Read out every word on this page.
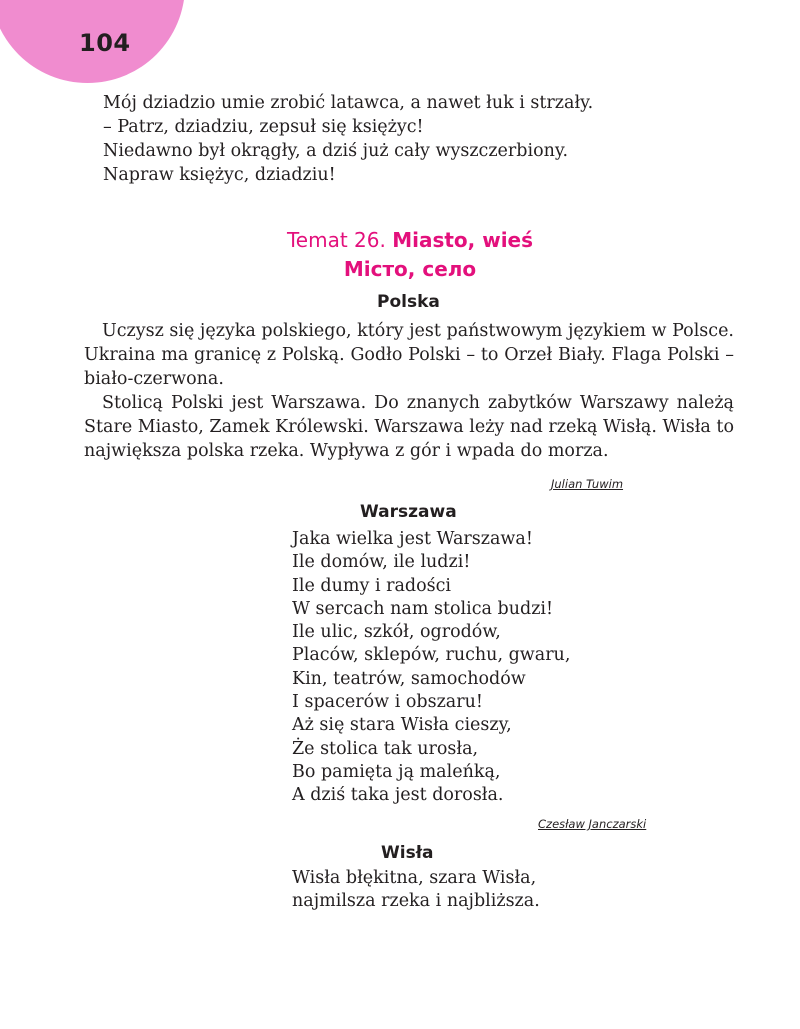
104
Mój dziadzio umie zrobić latawca, a nawet łuk i strzały.
– Patrz, dziadziu, zepsuł się księżyc!
Niedawno był okrągły, a dziś już cały wyszczerbiony.
Napraw księżyc, dziadziu!
Temat 26. Miasto, wieś
Місто, село
Polska

Uczysz się języka polskiego, który jest państwowym językiem w Polsce. Ukraina ma granicę z Polską. Godło Polski – to Orzeł Biały. Flaga Polski – biało-czerwona.

Stolicą Polski jest Warszawa. Do znanych zabytków Warszawy należą Stare Miasto, Zamek Królewski. Warszawa leży nad rzeką Wisłą. Wisła to największa polska rzeka. Wypływa z gór i wpada do morza.

Julian Tuwim
Warszawa
Jaka wielka jest Warszawa!
Ile domów, ile ludzi!
Ile dumy i radości
W sercach nam stolica budzi!
Ile ulic, szkół, ogrodów,
Placów, sklepów, ruchu, gwaru,
Kin, teatrów, samochodów
I spacerów i obszaru!
Aż się stara Wisła cieszy,
Że stolica tak urosła,
Bo pamięta ją maleńką,
A dziś taka jest dorosła.
Czesław Janczarski
Wisła
Wisła błękitna, szara Wisła,
najmilsza rzeka i najbliższa.
